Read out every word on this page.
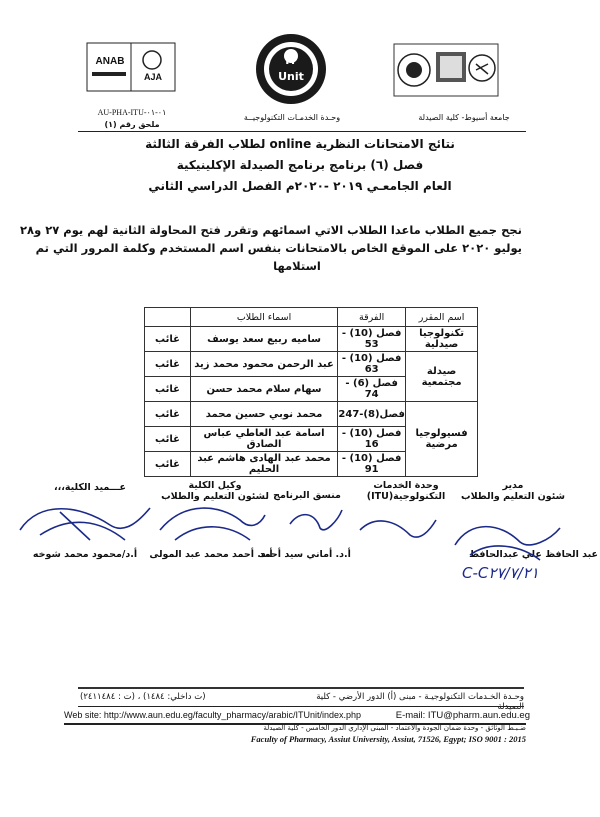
IT
Unit
ANAB
AJA
جامعة أسيوط- كلية الصيدلة
وحـدة الخدمـات التكنولوجيــة
AU-PHA-ITU-٠١-٠١
ملحق رقم (١)
نتائج الامتحانات النظرية online لطلاب الفرقة الثالثة
فصل (٦) برنامج برنامج الصيدلة الإكلينيكية
العام الجامعـي ٢٠١٩ -٢٠٢٠م الفصل الدراسي الثاني
نجح جميع الطلاب ماعدا الطلاب الاتي اسمائهم وتقرر فتح المحاولة الثانية لهم يوم ٢٧ و٢٨
يوليو ٢٠٢٠ على الموقع الخاص بالامتحانات بنفس اسم المستخدم وكلمة المرور التي تم
استلامها
اسم المقرر	الفرقة	اسماء الطلاب	
تكنولوجيا صيدلية	فصل (10) - 53	ساميه ربيع سعد يوسف	غائب
صيدلة مجتمعية	فصل (10) - 63	عبد الرحمن محمود محمد زيد	غائب
	فصل (6) - 74	سهام سلام محمد حسن	غائب
فسيولوجيا مرضية	فصل(8)-247	محمد نوبي حسين محمد	غائب
	فصل (10) - 16	اسامة عبد العاطي عباس الصادق	غائب
	فصل (10) - 91	محمد عبد الهادى هاشم عبد الحليم	غائب
مدير
شئون التعليم والطلاب
عبد الحافظ علي عبدالحافظ
C-C٢٧/٧/٢١
وحدة الخدمات
التكنولوجية(ITU)
منسق البرنامج
أ.د. أماني سيد أحمد
وكيل الكلية
لشئون التعليم والطلاب
أ.د. أحمد محمد عبد المولى
عـــميد الكلية،،،
أ.د/محمود محمد شوخه
وحـدة الخـدمات التكنولوجيـة - مبنى (أ) الدور الأرضي - كلية الصيدلة
(ت داخلي: ١٤٨٤) ، (ت : ٢٤١١٤٨٤)
E-mail: ITU@pharm.aun.edu.eg
Web site: http://www.aun.edu.eg/faculty_pharmacy/arabic/ITUnit/index.php
ضـبـط الوثائق - وحدة ضمان الجودة والاعتماد - المبنى الإداري الدور الخامس - كلية الصيدلة
Faculty of Pharmacy, Assiut University, Assiut, 71526, Egypt; ISO 9001 : 2015
